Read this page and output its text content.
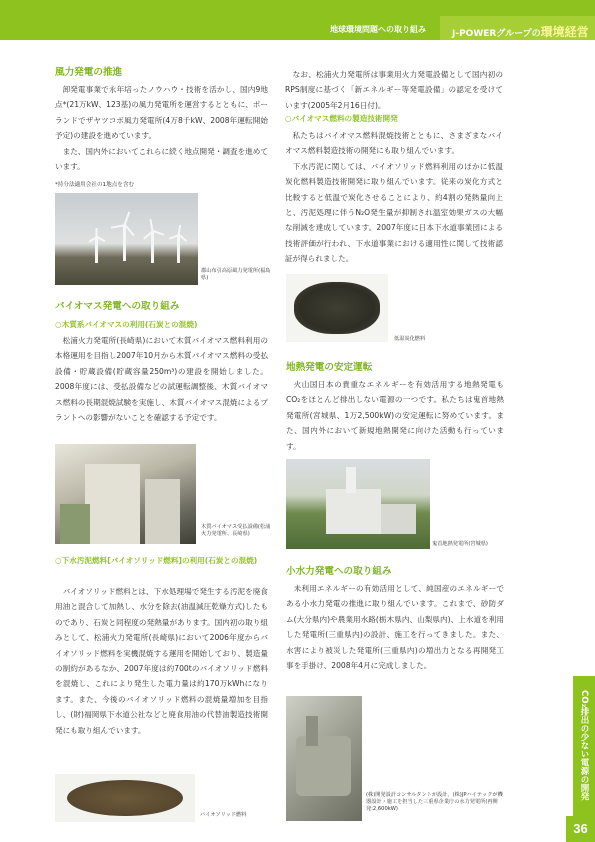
地球環境問題への取り組み	J-POWERグループの環境経営
風力発電の推進

卸発電事業で永年培ったノウハウ・技術を活かし、国内9地点*(21万kW、123基)の風力発電所を運営するとともに、ポーランドでザヤツコボ風力発電所(4万8千kW、2008年運転開始予定)の建設を進めています。

また、国内外においてこれらに続く地点開発・調査を進めています。

*持分法適用会社の1地点を含む
郡山布引高原風力発電所(福島県)
バイオマス発電への取り組み
○木質系バイオマスの利用(石炭との混焼)

松浦火力発電所(長崎県)において木質バイオマス燃料利用の本格運用を目指し2007年10月から木質バイオマス燃料の受払設備・貯蔵設備(貯蔵容量250m³)の建設を開始しました。2008年度には、受払設備などの試運転調整後、木質バイオマス燃料の長期混焼試験を実施し、木質バイオマス混焼によるプラントへの影響がないことを確認する予定です。

木質バイオマス受払設備(松浦火力発電所、長崎県)
○下水汚泥燃料[バイオソリッド燃料]の利用(石炭との混焼)

バイオソリッド燃料とは、下水処理場で発生する汚泥を廃食用油と混合して加熱し、水分を除去(油温減圧乾燥方式)したものであり、石炭と同程度の発熱量があります。国内初の取り組みとして、松浦火力発電所(長崎県)において2006年度からバイオソリッド燃料を実機混焼する運用を開始しており、製造量の制約があるなか、2007年度は約700tのバイオソリッド燃料を混焼し、これにより発生した電力量は約170万kWhになります。また、今後のバイオソリッド燃料の混焼量増加を目指し、(財)福岡県下水道公社などと廃食用油の代替油製造技術開発にも取り組んでいます。

バイオソリッド燃料

なお、松浦火力発電所は事業用火力発電設備として国内初のRPS制度に基づく「新エネルギー等発電設備」の認定を受けています(2005年2月16日付)。

○バイオマス燃料の製造技術開発

私たちはバイオマス燃料混焼技術とともに、さまざまなバイオマス燃料製造技術の開発にも取り組んでいます。

下水汚泥に関しては、バイオソリッド燃料利用のほかに低温炭化燃料製造技術開発に取り組んでいます。従来の炭化方式と比較すると低温で炭化させることにより、約4割の発熱量向上と、汚泥処理に伴うN₂O発生量が抑制され温室効果ガスの大幅な削減を達成しています。2007年度に日本下水道事業団による技術評価が行われ、下水道事業における適用性に関して技術認証が得られました。

低温炭化燃料
地熱発電の安定運転

火山国日本の貴重なエネルギーを有効活用する地熱発電もCO₂をほとんど排出しない電源の一つです。私たちは鬼首地熱発電所(宮城県、1万2,500kW)の安定運転に努めています。また、国内外において新規地熱開発に向けた活動も行っています。

鬼首地熱発電所(宮城県)
小水力発電への取り組み

未利用エネルギーの有効活用として、純国産のエネルギーである小水力発電の推進に取り組んでいます。これまで、砂防ダム(大分県内)や農業用水路(栃木県内、山梨県内)、上水道を利用した発電所(三重県内)の設計、施工を行ってきました。また、水害により被災した発電所(三重県内)の増出力となる再開発工事を手掛け、2008年4月に完成しました。

(株)開発設計コンサルタントが設計、(株)JPハイテックが機器設計・施工を担当した三重県企業庁の水力発電所(再開発:2,600kW)
CO₂排出の少ない電源の開発
36
